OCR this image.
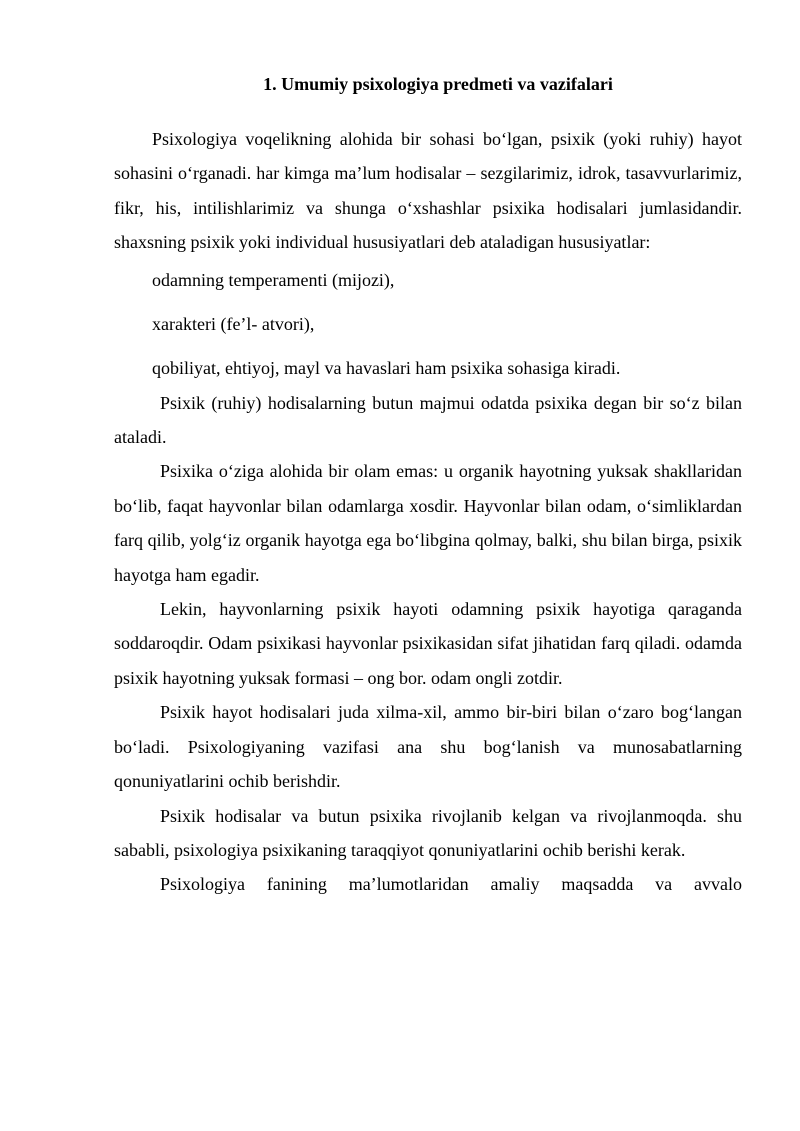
1. Umumiy psixologiya predmeti va vazifalari

Psixologiya voqelikning alohida bir sohasi bo‘lgan, psixik (yoki ruhiy) hayot sohasini o‘rganadi. har kimga ma’lum hodisalar – sezgilarimiz, idrok, tasavvurlarimiz, fikr, his, intilishlarimiz va shunga o‘xshashlar psixika hodisalari jumlasidandir. shaxsning psixik yoki individual hususiyatlari deb ataladigan hususiyatlar:

odamning temperamenti (mijozi),

xarakteri (fe’l- atvori),

qobiliyat, ehtiyoj, mayl va havaslari ham psixika sohasiga kiradi.

Psixik (ruhiy) hodisalarning butun majmui odatda psixika degan bir so‘z bilan ataladi.

Psixika o‘ziga alohida bir olam emas: u organik hayotning yuksak shakllaridan bo‘lib, faqat hayvonlar bilan odamlarga xosdir. Hayvonlar bilan odam, o‘simliklardan farq qilib, yolg‘iz organik hayotga ega bo‘libgina qolmay, balki, shu bilan birga, psixik hayotga ham egadir.

Lekin, hayvonlarning psixik hayoti odamning psixik hayotiga qaraganda soddaroqdir. Odam psixikasi hayvonlar psixikasidan sifat jihatidan farq qiladi. odamda psixik hayotning yuksak formasi – ong bor. odam ongli zotdir.

Psixik hayot hodisalari juda xilma-xil, ammo bir-biri bilan o‘zaro bog‘langan bo‘ladi. Psixologiyaning vazifasi ana shu bog‘lanish va munosabatlarning qonuniyatlarini ochib berishdir.

Psixik hodisalar va butun psixika rivojlanib kelgan va rivojlanmoqda. shu sababli, psixologiya psixikaning taraqqiyot qonuniyatlarini ochib berishi kerak.

Psixologiya fanining ma’lumotlaridan amaliy maqsadda va avvalo
